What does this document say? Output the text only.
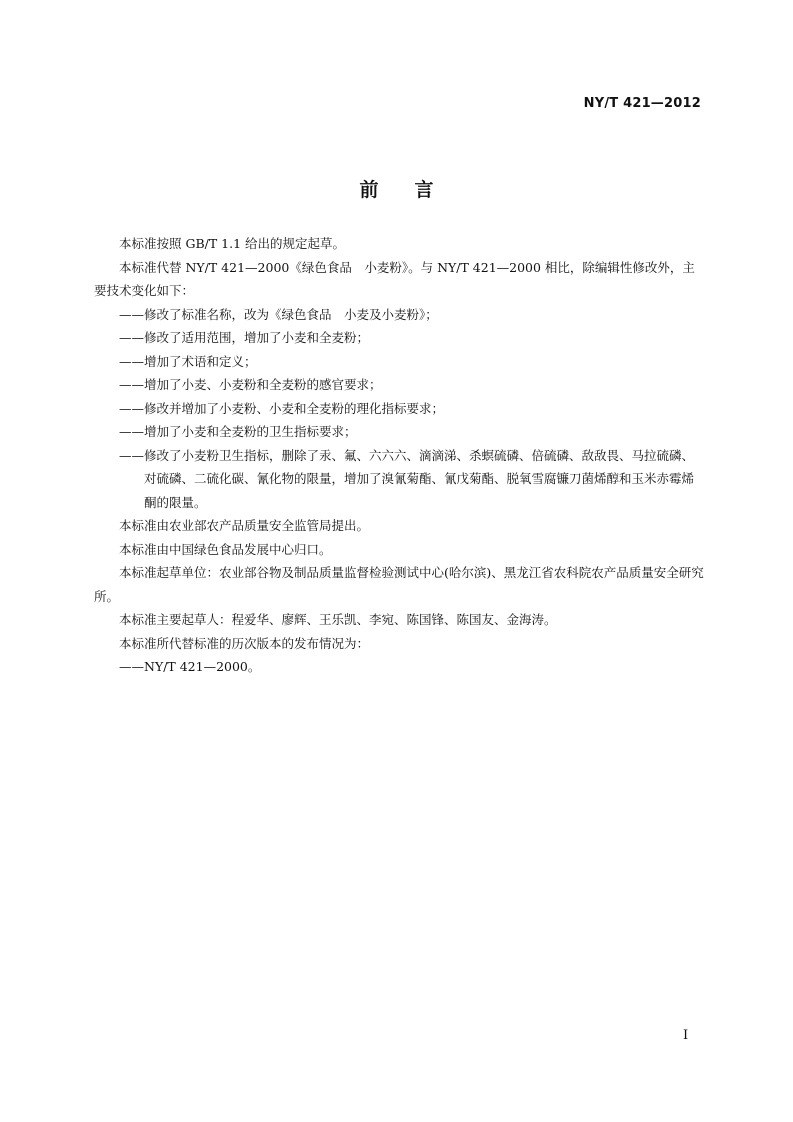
NY/T 421—2012
前言

本标准按照 GB/T 1.1 给出的规定起草。

本标准代替 NY/T 421—2000《绿色食品　小麦粉》。与 NY/T 421—2000 相比，除编辑性修改外，主要技术变化如下：

——修改了标准名称，改为《绿色食品　小麦及小麦粉》；

——修改了适用范围，增加了小麦和全麦粉；

——增加了术语和定义；

——增加了小麦、小麦粉和全麦粉的感官要求；

——修改并增加了小麦粉、小麦和全麦粉的理化指标要求；

——增加了小麦和全麦粉的卫生指标要求；

——修改了小麦粉卫生指标，删除了汞、氟、六六六、滴滴涕、杀螟硫磷、倍硫磷、敌敌畏、马拉硫磷、对硫磷、二硫化碳、氰化物的限量，增加了溴氰菊酯、氰戊菊酯、脱氧雪腐镰刀菌烯醇和玉米赤霉烯酮的限量。

本标准由农业部农产品质量安全监管局提出。

本标准由中国绿色食品发展中心归口。

本标准起草单位：农业部谷物及制品质量监督检验测试中心(哈尔滨)、黑龙江省农科院农产品质量安全研究所。

本标准主要起草人：程爱华、廖辉、王乐凯、李宛、陈国锋、陈国友、金海涛。

本标准所代替标准的历次版本的发布情况为：

——NY/T 421—2000。

I
